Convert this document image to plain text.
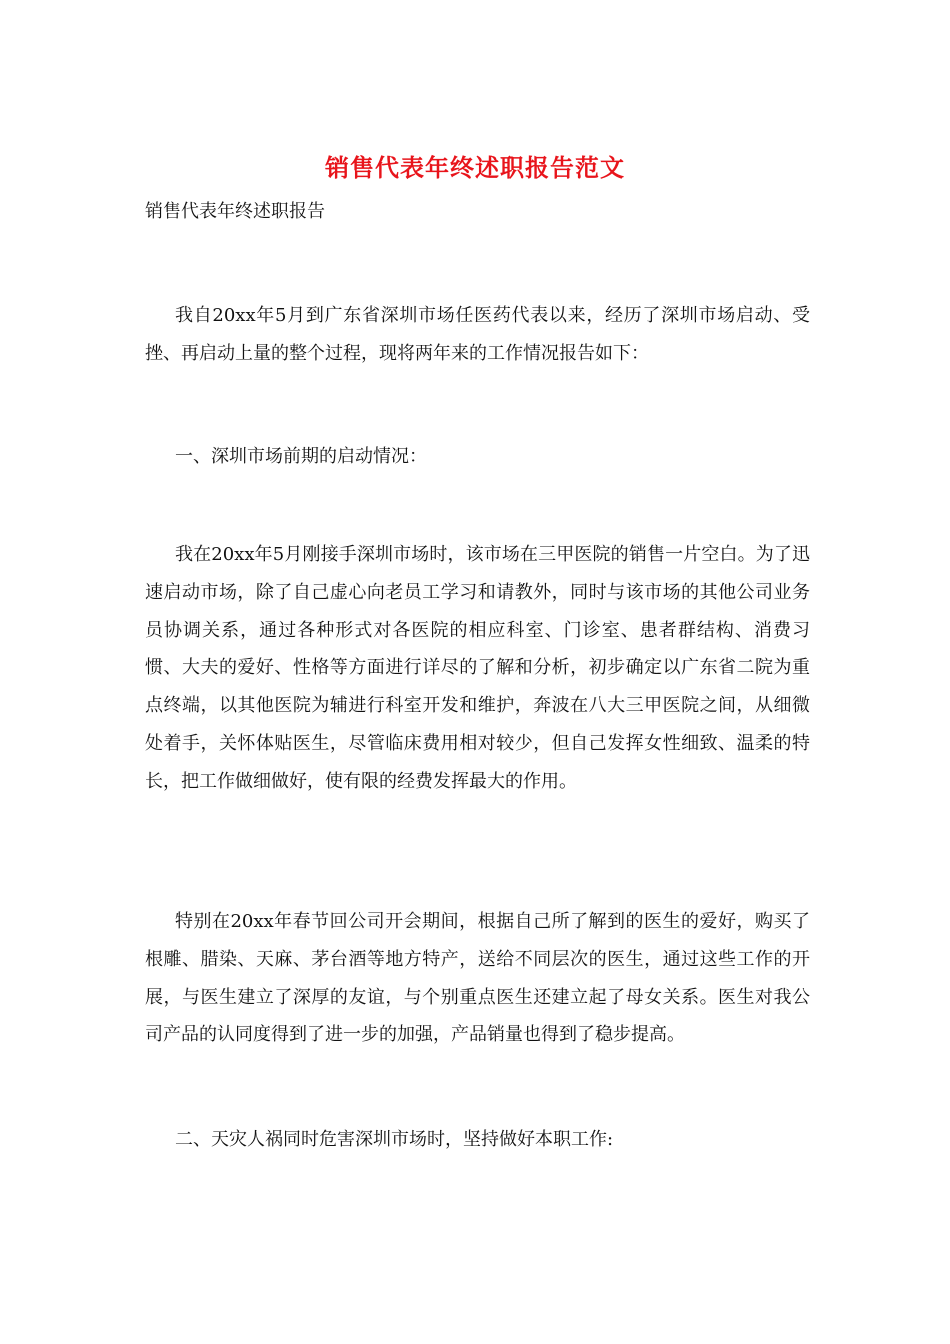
销售代表年终述职报告范文
销售代表年终述职报告

我自20xx年5月到广东省深圳市场任医药代表以来，经历了深圳市场启动、受挫、再启动上量的整个过程，现将两年来的工作情况报告如下：

一、深圳市场前期的启动情况：

我在20xx年5月刚接手深圳市场时，该市场在三甲医院的销售一片空白。为了迅速启动市场，除了自己虚心向老员工学习和请教外，同时与该市场的其他公司业务员协调关系，通过各种形式对各医院的相应科室、门诊室、患者群结构、消费习惯、大夫的爱好、性格等方面进行详尽的了解和分析，初步确定以广东省二院为重点终端，以其他医院为辅进行科室开发和维护，奔波在八大三甲医院之间，从细微处着手，关怀体贴医生，尽管临床费用相对较少，但自己发挥女性细致、温柔的特长，把工作做细做好，使有限的经费发挥最大的作用。

特别在20xx年春节回公司开会期间，根据自己所了解到的医生的爱好，购买了根雕、腊染、天麻、茅台酒等地方特产，送给不同层次的医生，通过这些工作的开展，与医生建立了深厚的友谊，与个别重点医生还建立起了母女关系。医生对我公司产品的认同度得到了进一步的加强，产品销量也得到了稳步提高。

二、天灾人祸同时危害深圳市场时，坚持做好本职工作:
